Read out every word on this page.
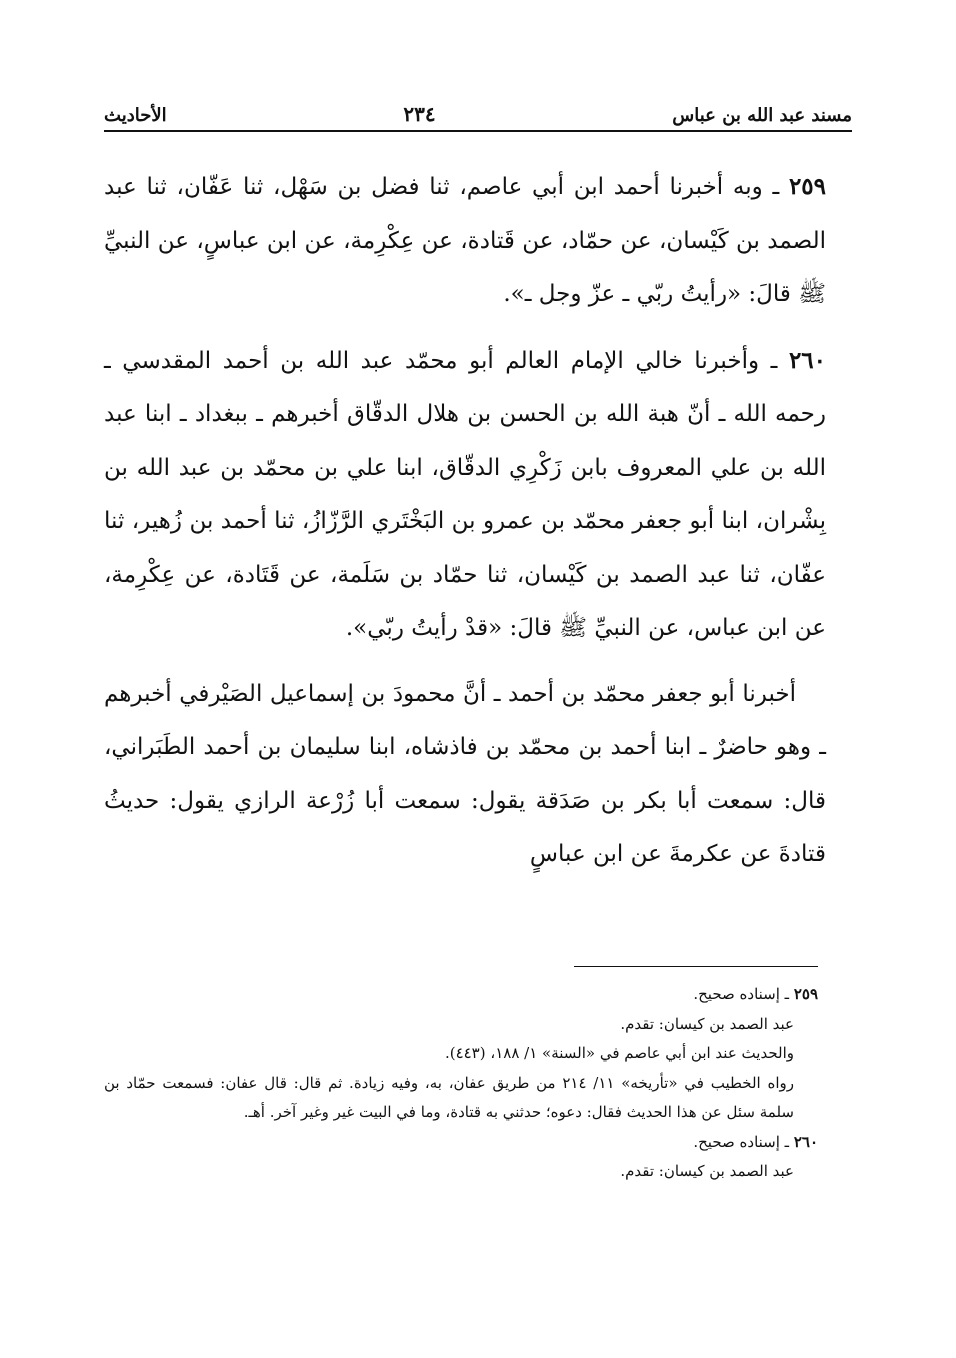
مسند عبد الله بن عباس
٢٣٤
الأحاديث

٢٥٩ ـ وبه أخبرنا أحمد ابن أبي عاصم، ثنا فضل بن سَهْل، ثنا عَفّان، ثنا عبد الصمد بن كَيْسان، عن حمّاد، عن قَتادة، عن عِكْرِمة، عن ابن عباسٍ، عن النبيِّ ﷺ قالَ: «رأيتُ ربّي ـ عزّ وجل ـ».

٢٦٠ ـ وأخبرنا خالي الإمام العالم أبو محمّد عبد الله بن أحمد المقدسي ـ رحمه الله ـ أنّ هبة الله بن الحسن بن هلال الدقّاق أخبرهم ـ ببغداد ـ ابنا عبد الله بن علي المعروف بابن زَكْرِي الدقّاق، ابنا علي بن محمّد بن عبد الله بن بِشْران، ابنا أبو جعفر محمّد بن عمرو بن البَخْتَري الرَّزّازُ، ثنا أحمد بن زُهير، ثنا عفّان، ثنا عبد الصمد بن كَيْسان، ثنا حمّاد بن سَلَمة، عن قَتَادة، عن عِكْرِمة، عن ابن عباس، عن النبيِّ ﷺ قالَ: «قدْ رأيتُ ربّي».

أخبرنا أبو جعفر محمّد بن أحمد ـ أنَّ محمودَ بن إسماعيل الصَيْرفي أخبرهم ـ وهو حاضرٌ ـ ابنا أحمد بن محمّد بن فاذشاه، ابنا سليمان بن أحمد الطَبَراني، قال: سمعت أبا بكر بن صَدَقة يقول: سمعت أبا زُرْعة الرازي يقول: حديثُ قتادةَ عن عكرمةَ عن ابن عباسٍ

٢٥٩ ـ إسناده صحيح.

عبد الصمد بن كيسان: تقدم.

والحديث عند ابن أبي عاصم في «السنة» ١/ ١٨٨، (٤٤٣).

رواه الخطيب في «تأريخه» ١١/ ٢١٤ من طريق عفان، به، وفيه زيادة. ثم قال: قال عفان: فسمعت حمّاد بن سلمة سئل عن هذا الحديث فقال: دعوه؛ حدثني به قتادة، وما في البيت غير وغير آخر. أهـ.

٢٦٠ ـ إسناده صحيح.

عبد الصمد بن كيسان: تقدم.
